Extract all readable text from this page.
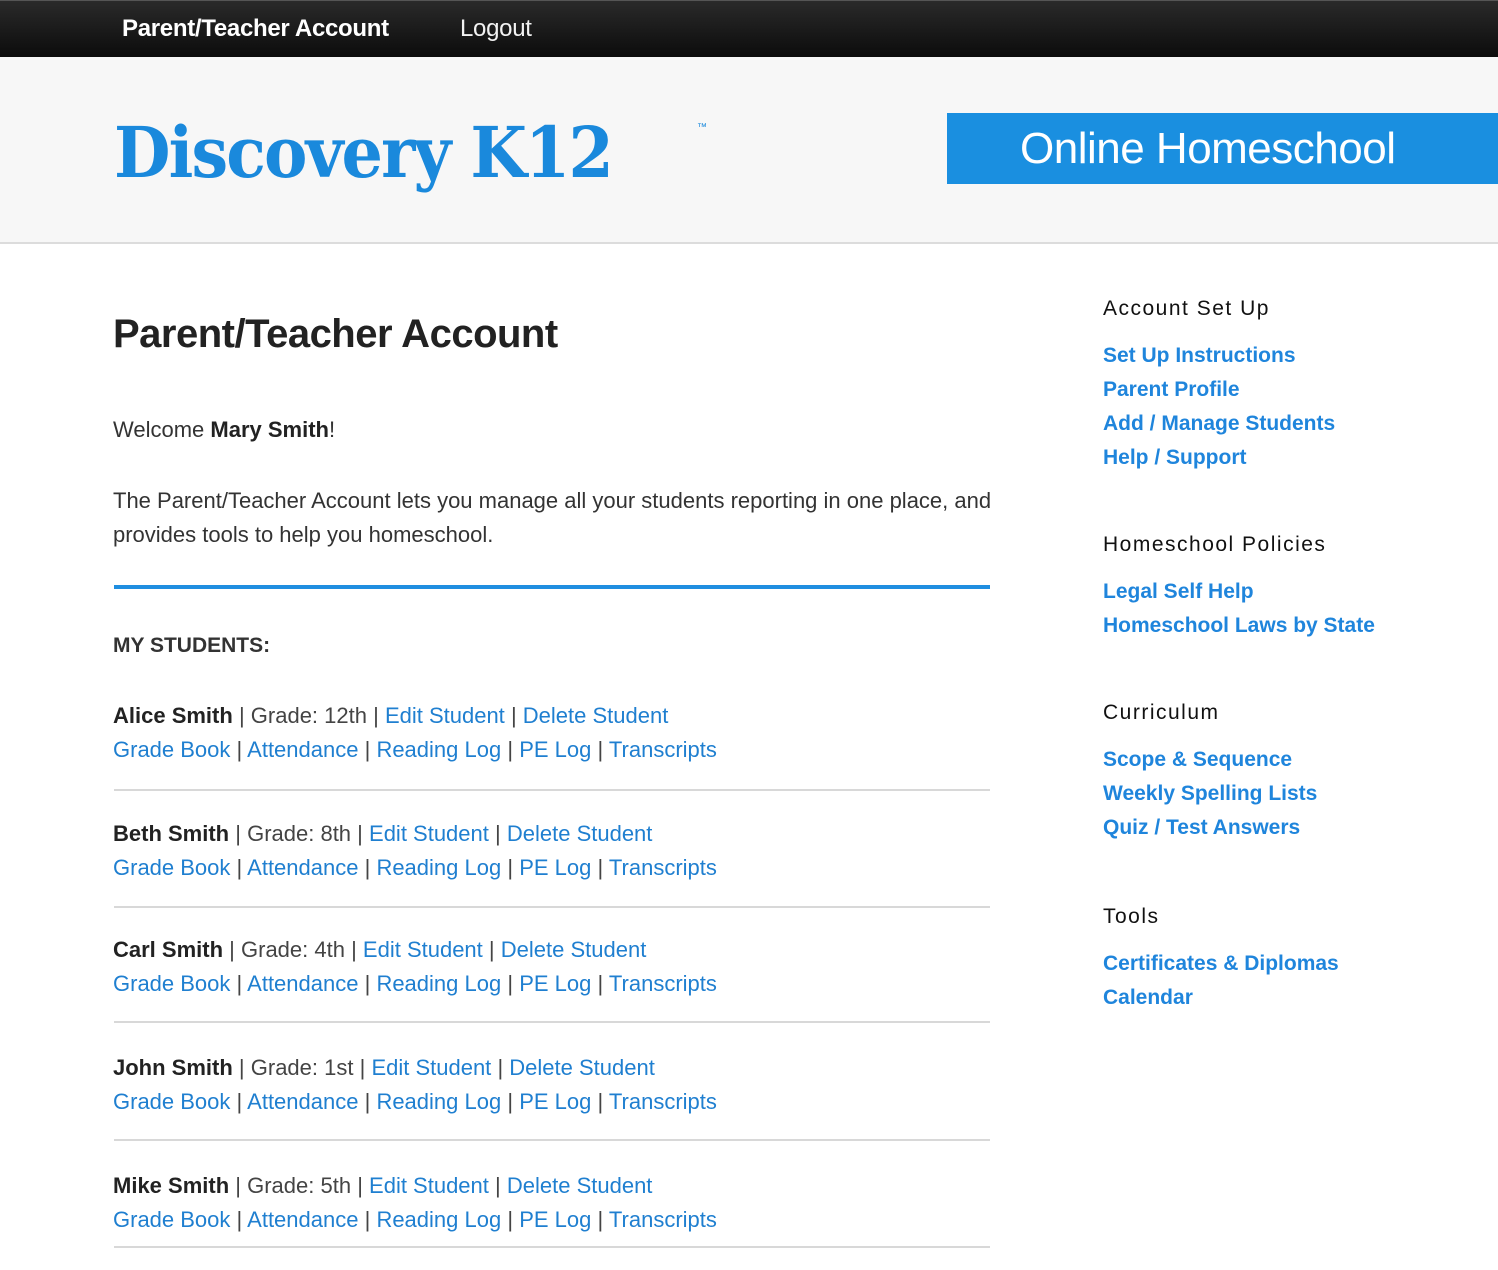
Parent/Teacher Account	Logout
Discovery K12	™	Online Homeschool
Parent/Teacher Account
Welcome Mary Smith!
The Parent/Teacher Account lets you manage all your students reporting in one place, and provides tools to help you homeschool.
MY STUDENTS:
Alice Smith | Grade: 12th | Edit Student | Delete Student
Grade Book | Attendance | Reading Log | PE Log | Transcripts
Beth Smith | Grade: 8th | Edit Student | Delete Student
Grade Book | Attendance | Reading Log | PE Log | Transcripts
Carl Smith | Grade: 4th | Edit Student | Delete Student
Grade Book | Attendance | Reading Log | PE Log | Transcripts
John Smith | Grade: 1st | Edit Student | Delete Student
Grade Book | Attendance | Reading Log | PE Log | Transcripts
Mike Smith | Grade: 5th | Edit Student | Delete Student
Grade Book | Attendance | Reading Log | PE Log | Transcripts
Account Set Up
Set Up Instructions
Parent Profile
Add / Manage Students
Help / Support
Homeschool Policies
Legal Self Help
Homeschool Laws by State
Curriculum
Scope & Sequence
Weekly Spelling Lists
Quiz / Test Answers
Tools
Certificates & Diplomas
Calendar
